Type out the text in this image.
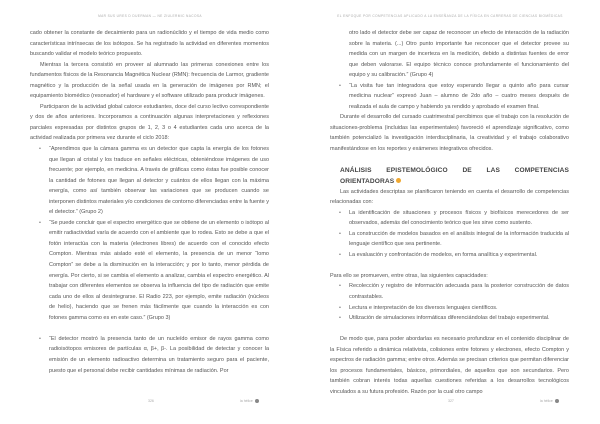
MAR SUS URES D DUERMAN — NE ZIULERMIC NACOSA

cado obtener la constante de decaimiento para un radionúclido y el tiempo de vida medio como características intrínsecas de los isótopos. Se ha registrado la actividad en diferentes momentos buscando validar el modelo teórico propuesto.

Mientras la tercera consistió en proveer al alumnado las primeras conexiones entre los fundamentos físicos de la Resonancia Magnética Nuclear (RMN): frecuencia de Larmor, gradiente magnético y la producción de la señal usada en la generación de imágenes por RMN; el equipamiento biomédico (resonador) el hardware y el software utilizado para producir imágenes.

Participaron de la actividad global catorce estudiantes, doce del curso lectivo correspondiente y dos de años anteriores. Incorporamos a continuación algunas interpretaciones y reflexiones parciales expresadas por distintos grupos de 1, 2, 3 o 4 estudiantes cada uno acerca de la actividad realizada por primera vez durante el ciclo 2018:

• “Aprendimos que la cámara gamma es un detector que capta la energía de los fotones que llegan al cristal y los traduce en señales eléctricas, obteniéndose imágenes de uso frecuente; por ejemplo, en medicina. A través de gráficas como éstas fue posible conocer la cantidad de fotones que llegan al detector y cuántos de ellos llegan con la máxima energía, como así también observar las variaciones que se producen cuando se interponen distintos materiales y/o condiciones de contorno diferenciadas entre la fuente y el detector.” (Grupo 2)
• “Se puede concluir que el espectro energético que se obtiene de un elemento o isótopo al emitir radiactividad varía de acuerdo con el ambiente que lo rodea. Esto se debe a que el fotón interactúa con la materia (electrones libres) de acuerdo con el conocido efecto Compton. Mientras más aislado esté el elemento, la presencia de un menor “lomo Compton” se debe a la disminución en la interacción; y por lo tanto, menor pérdida de energía. Por cierto, si se cambia el elemento a analizar, cambia el espectro energético. Al trabajar con diferentes elementos se observa la influencia del tipo de radiación que emite cada uno de ellos al desintegrarse. El Radio 223, por ejemplo, emite radiación (núcleos de helio), haciendo que se frenen más fácilmente que cuando la interacción es con fotones gamma como es en este caso.” (Grupo 3)
• “El detector mostró la presencia tanto de un nucleído emisor de rayos gamma como radioisótopos emisores de partículas α, β+, β-. La posibilidad de detectar y conocer la emisión de un elemento radioactivo determina un tratamiento seguro para el paciente, puesto que el personal debe recibir cantidades mínimas de radiación. Por
326	la hélice
EL ENFOQUE POR COMPETENCIAS APLICADO A LA ENSEÑANZA DE LA FÍSICA EN CARRERAS DE CIENCIAS BIOMÉDICAS
otro lado el detector debe ser capaz de reconocer un efecto de interacción de la radiación sobre la materia. (...) Otro punto importante fue reconocer que el detector provee su medida con un margen de incerteza en la medición, debido a distintas fuentes de error que deben valorarse. El equipo técnico conoce profundamente el funcionamiento del equipo y su calibración.” (Grupo 4)
• “La visita fue tan integradora que estoy esperando llegar a quinto año para cursar medicina nuclear” expresó Juan – alumno de 2do año – cuatro meses después de realizada el aula de campo y habiendo ya rendido y aprobado el examen final.

Durante el desarrollo del cursado cuatrimestral percibimos que el trabajo con la resolución de situaciones-problema (incluidas las experimentales) favoreció el aprendizaje significativo, como también potencializó la investigación interdisciplinaria, la creatividad y el trabajo colaborativo manifestándose en los reportes y exámenes integrativos ofrecidos.

ANÁLISIS EPISTEMOLÓGICO DE LAS COMPETENCIAS ORIENTADORAS

Las actividades descriptas se planificaron teniendo en cuenta el desarrollo de competencias relacionadas con:

• La identificación de situaciones y procesos físicos y biofísicos merecedores de ser observados, además del conocimiento teórico que les sirve como sustento.
• La construcción de modelos basados en el análisis integral de la información traducida al lenguaje científico que sea pertinente.
• La evaluación y confrontación de modelos, en forma analítica y experimental.

Para ello se promueven, entre otras, las siguientes capacidades:

• Recolección y registro de información adecuada para la posterior construcción de datos contrastables.
• Lectura e interpretación de los diversos lenguajes científicos.
• Utilización de simulaciones informáticas diferenciándolas del trabajo experimental.

De modo que, para poder abordarlas es necesario profundizar en el contenido disciplinar de la Física referido a dinámica relativista, colisiones entre fotones y electrones, efecto Compton y espectros de radiación gamma; entre otros. Además se precisan criterios que permitan diferenciar los procesos fundamentales, básicos, primordiales, de aquellos que son secundarios. Pero también cobran interés todas aquellas cuestiones referidas a los desarrollos tecnológicos vinculados a su futura profesión. Razón por la cual otro campo

327	la hélice
